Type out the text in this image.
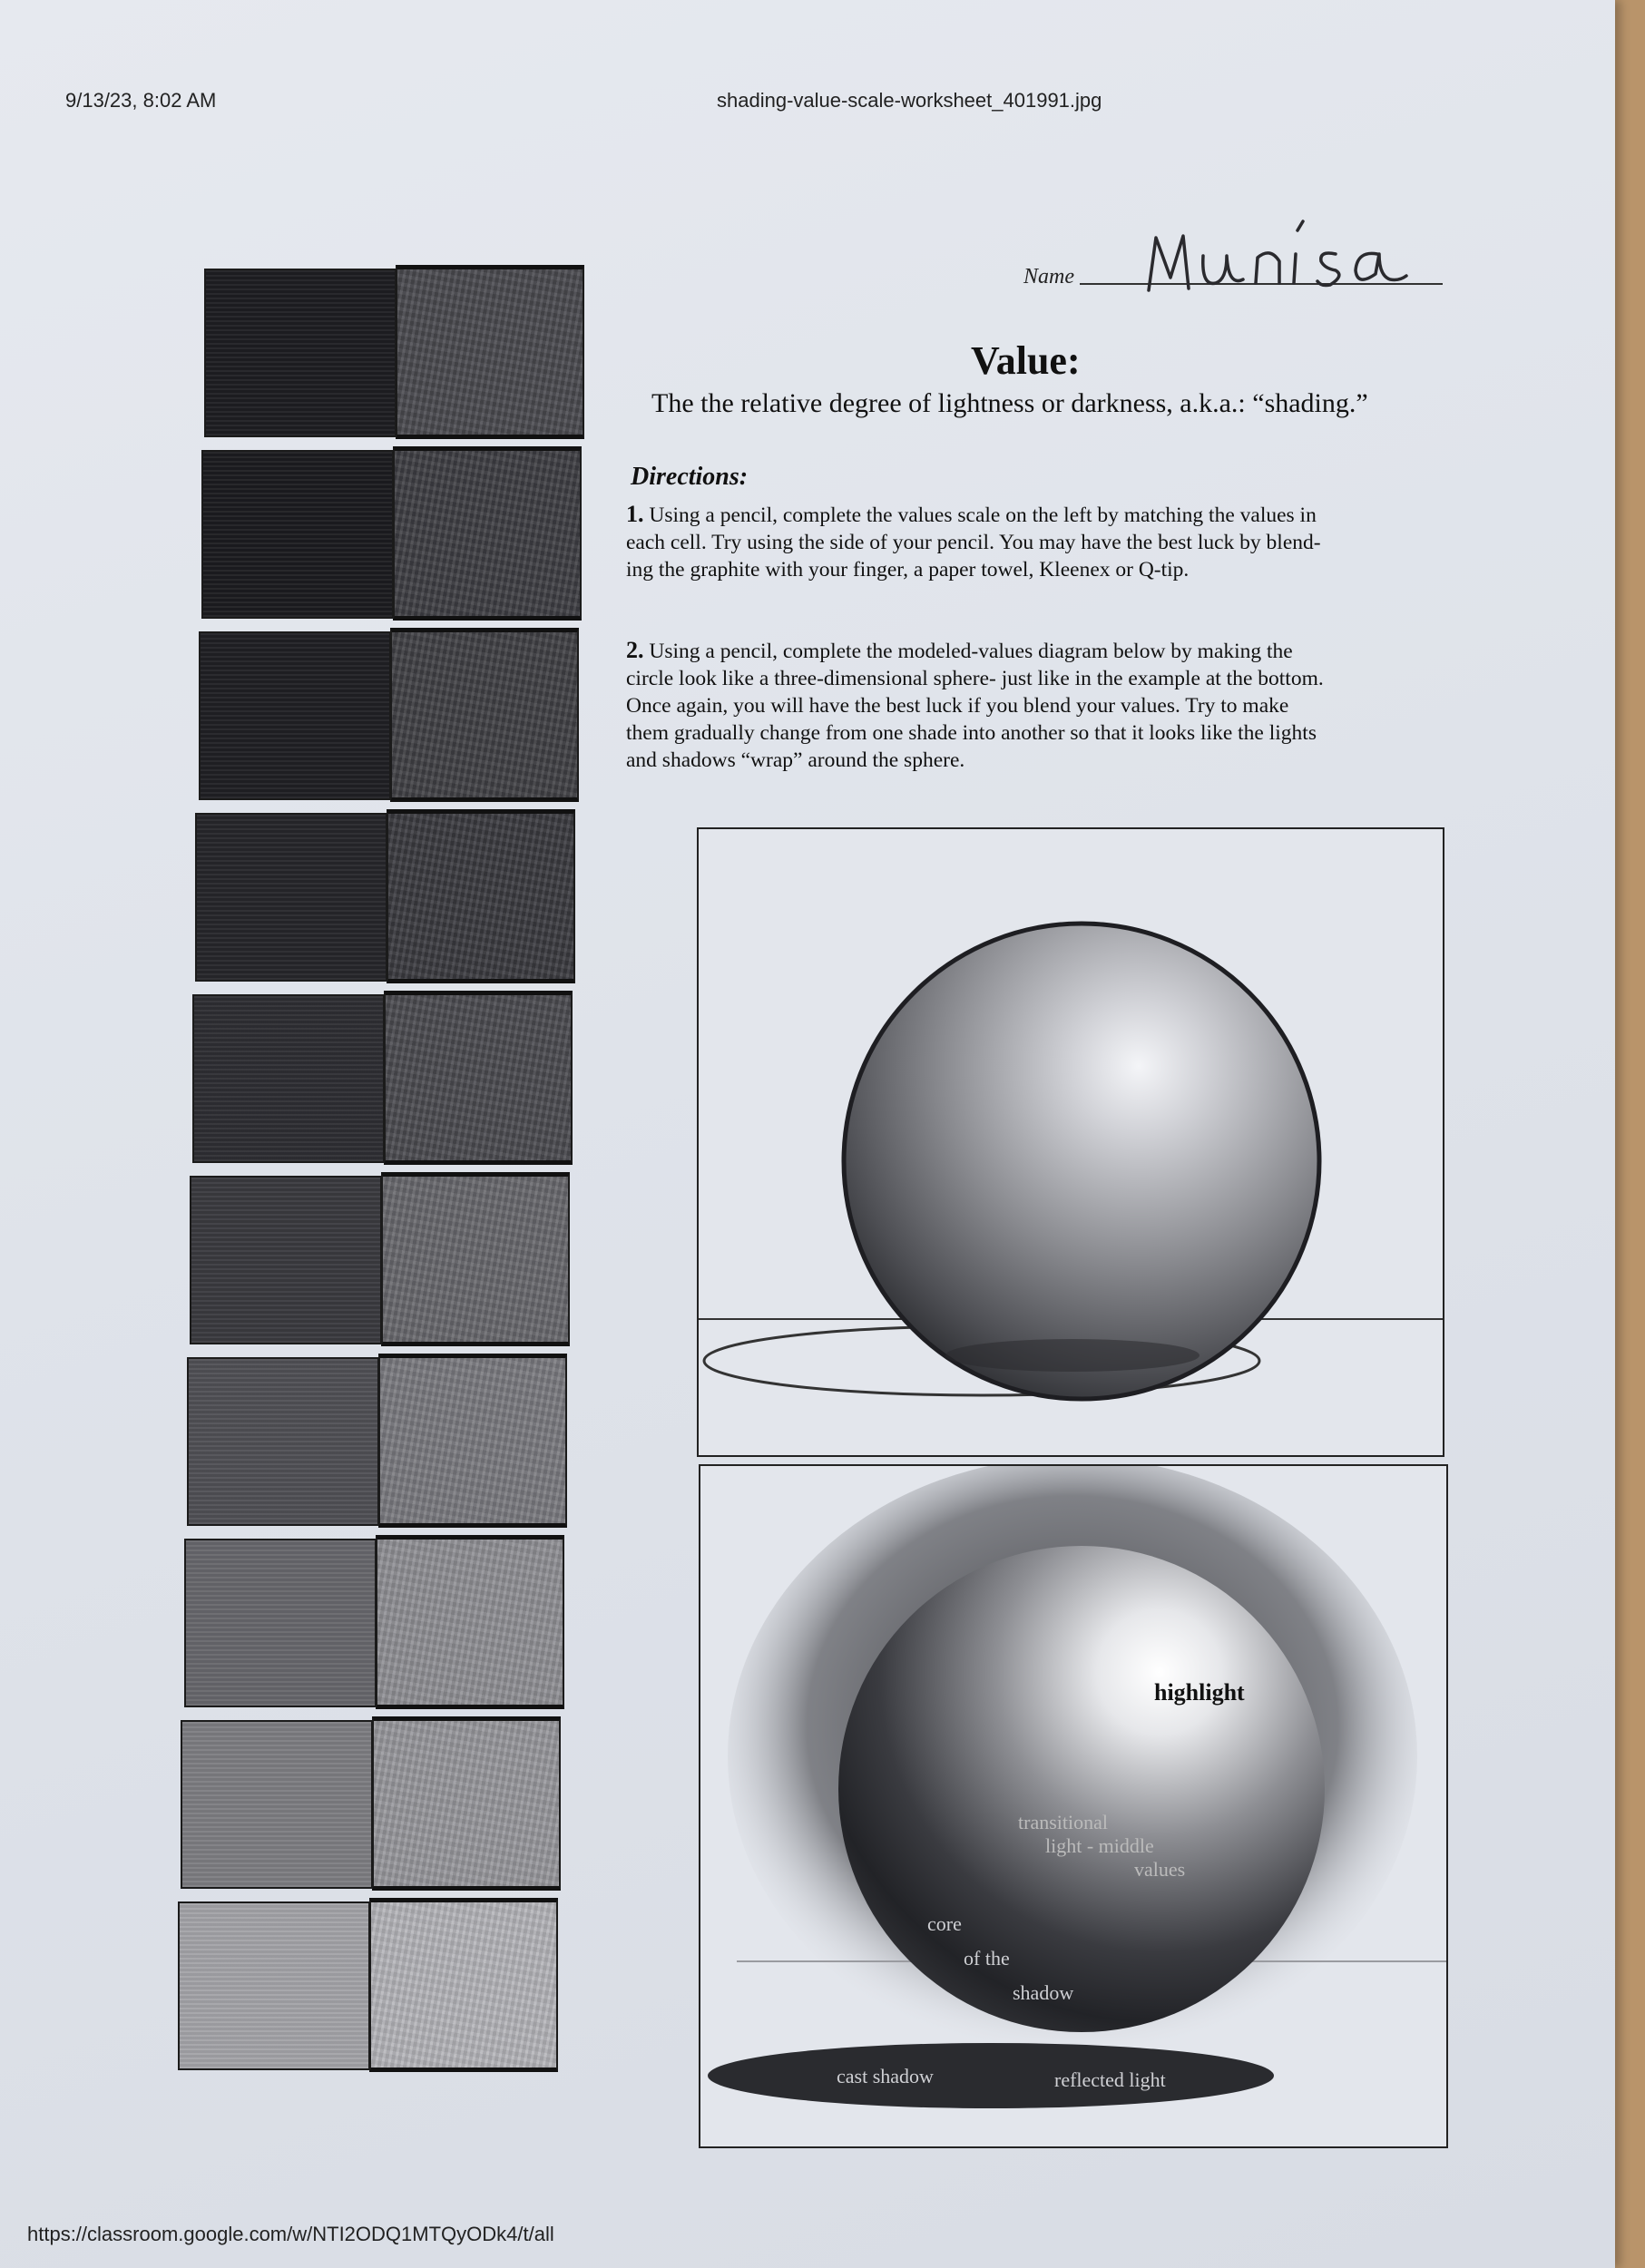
9/13/23, 8:02 AM	shading-value-scale-worksheet_401991.jpg
Name
Value:
The the relative degree of lightness or darkness, a.k.a.: “shading.”
Directions:
1. Using a pencil, complete the values scale on the left by matching the values in
each cell. Try using the side of your pencil. You may have the best luck by blend-
ing the graphite with your finger, a paper towel, Kleenex or Q-tip.
2. Using a pencil, complete the modeled-values diagram below by making the
circle look like a three-dimensional sphere- just like in the example at the bottom.
Once again, you will have the best luck if you blend your values. Try to make
them gradually change from one shade into another so that it looks like the lights
and shadows “wrap” around the sphere.
highlight
transitional
light - middle
values
core
of the
shadow
cast shadow	reflected light
https://classroom.google.com/w/NTI2ODQ1MTQyODk4/t/all
